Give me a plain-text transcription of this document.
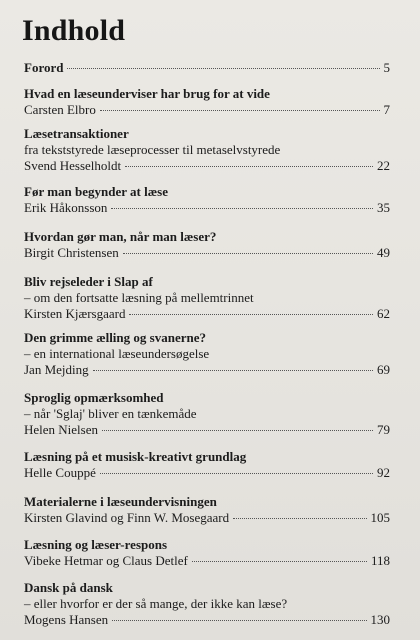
Indhold
Forord	5
Hvad en læseunderviser har brug for at vide
Carsten Elbro	7
Læsetransaktioner
fra tekststyrede læseprocesser til metaselvstyrede
Svend Hesselholdt	22
Før man begynder at læse
Erik Håkonsson	35
Hvordan gør man, når man læser?
Birgit Christensen	49
Bliv rejseleder i Slap af
– om den fortsatte læsning på mellemtrinnet
Kirsten Kjærsgaard	62
Den grimme ælling og svanerne?
– en international læseundersøgelse
Jan Mejding	69
Sproglig opmærksomhed
– når 'Sglaj' bliver en tænkemåde
Helen Nielsen	79
Læsning på et musisk-kreativt grundlag
Helle Couppé	92
Materialerne i læseundervisningen
Kirsten Glavind og Finn W. Mosegaard	105
Læsning og læser-respons
Vibeke Hetmar og Claus Detlef	118
Dansk på dansk
– eller hvorfor er der så mange, der ikke kan læse?
Mogens Hansen	130
